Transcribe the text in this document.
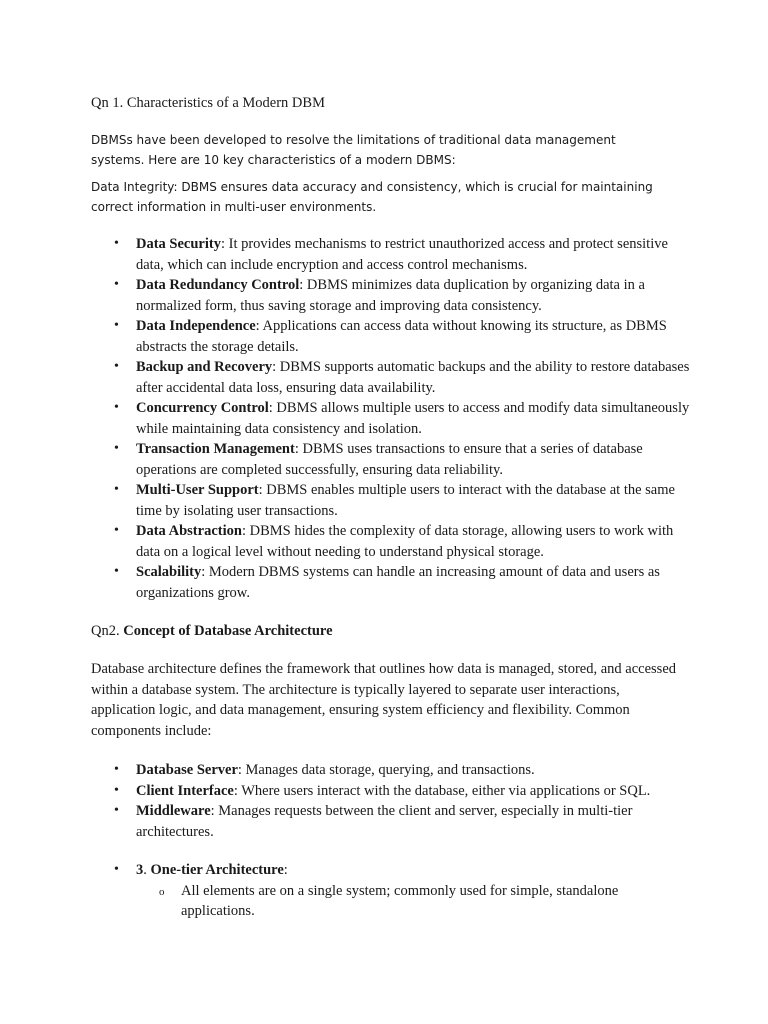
Qn 1. Characteristics of a Modern DBM

DBMSs have been developed to resolve the limitations of traditional data management systems. Here are 10 key characteristics of a modern DBMS:

Data Integrity: DBMS ensures data accuracy and consistency, which is crucial for maintaining correct information in multi-user environments.

• Data Security: It provides mechanisms to restrict unauthorized access and protect sensitive data, which can include encryption and access control mechanisms.
• Data Redundancy Control: DBMS minimizes data duplication by organizing data in a normalized form, thus saving storage and improving data consistency.
• Data Independence: Applications can access data without knowing its structure, as DBMS abstracts the storage details.
• Backup and Recovery: DBMS supports automatic backups and the ability to restore databases after accidental data loss, ensuring data availability.
• Concurrency Control: DBMS allows multiple users to access and modify data simultaneously while maintaining data consistency and isolation.
• Transaction Management: DBMS uses transactions to ensure that a series of database operations are completed successfully, ensuring data reliability.
• Multi-User Support: DBMS enables multiple users to interact with the database at the same time by isolating user transactions.
• Data Abstraction: DBMS hides the complexity of data storage, allowing users to work with data on a logical level without needing to understand physical storage.
• Scalability: Modern DBMS systems can handle an increasing amount of data and users as organizations grow.

Qn2. Concept of Database Architecture

Database architecture defines the framework that outlines how data is managed, stored, and accessed within a database system. The architecture is typically layered to separate user interactions, application logic, and data management, ensuring system efficiency and flexibility. Common components include:

• Database Server: Manages data storage, querying, and transactions.
• Client Interface: Where users interact with the database, either via applications or SQL.
• Middleware: Manages requests between the client and server, especially in multi-tier architectures.
• 3. One-tier Architecture:
o All elements are on a single system; commonly used for simple, standalone applications.
